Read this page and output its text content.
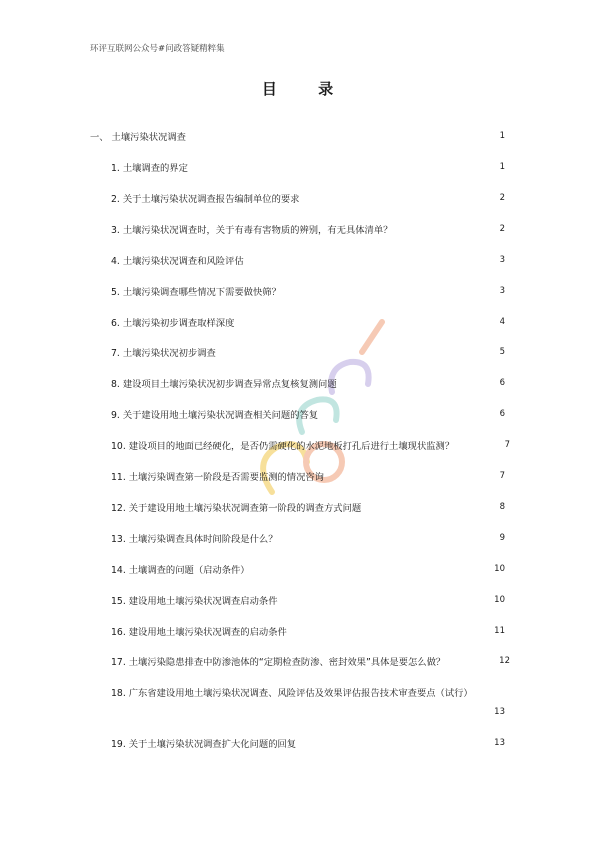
环评互联网公众号#问政答疑精粹集
目 录
一、 土壤污染状况调查	1
1. 土壤调查的界定	1
2. 关于土壤污染状况调查报告编制单位的要求	2
3. 土壤污染状况调查时，关于有毒有害物质的辨别，有无具体清单？	2
4. 土壤污染状况调查和风险评估	3
5. 土壤污染调查哪些情况下需要做快筛？	3
6. 土壤污染初步调查取样深度	4
7. 土壤污染状况初步调查	5
8. 建设项目土壤污染状况初步调查异常点复核复测问题	6
9. 关于建设用地土壤污染状况调查相关问题的答复	6
10. 建设项目的地面已经硬化，是否仍需硬化的水泥地板打孔后进行土壤现状监测？	7
11. 土壤污染调查第一阶段是否需要监测的情况咨询	7
12. 关于建设用地土壤污染状况调查第一阶段的调查方式问题	8
13. 土壤污染调查具体时间阶段是什么？	9
14. 土壤调查的问题（启动条件）	10
15. 建设用地土壤污染状况调查启动条件	10
16. 建设用地土壤污染状况调查的启动条件	11
17. 土壤污染隐患排查中防渗池体的“定期检查防渗、密封效果”具体是要怎么做？	12
18. 广东省建设用地土壤污染状况调查、风险评估及效果评估报告技术审查要点（试行）
13
19. 关于土壤污染状况调查扩大化问题的回复	13
